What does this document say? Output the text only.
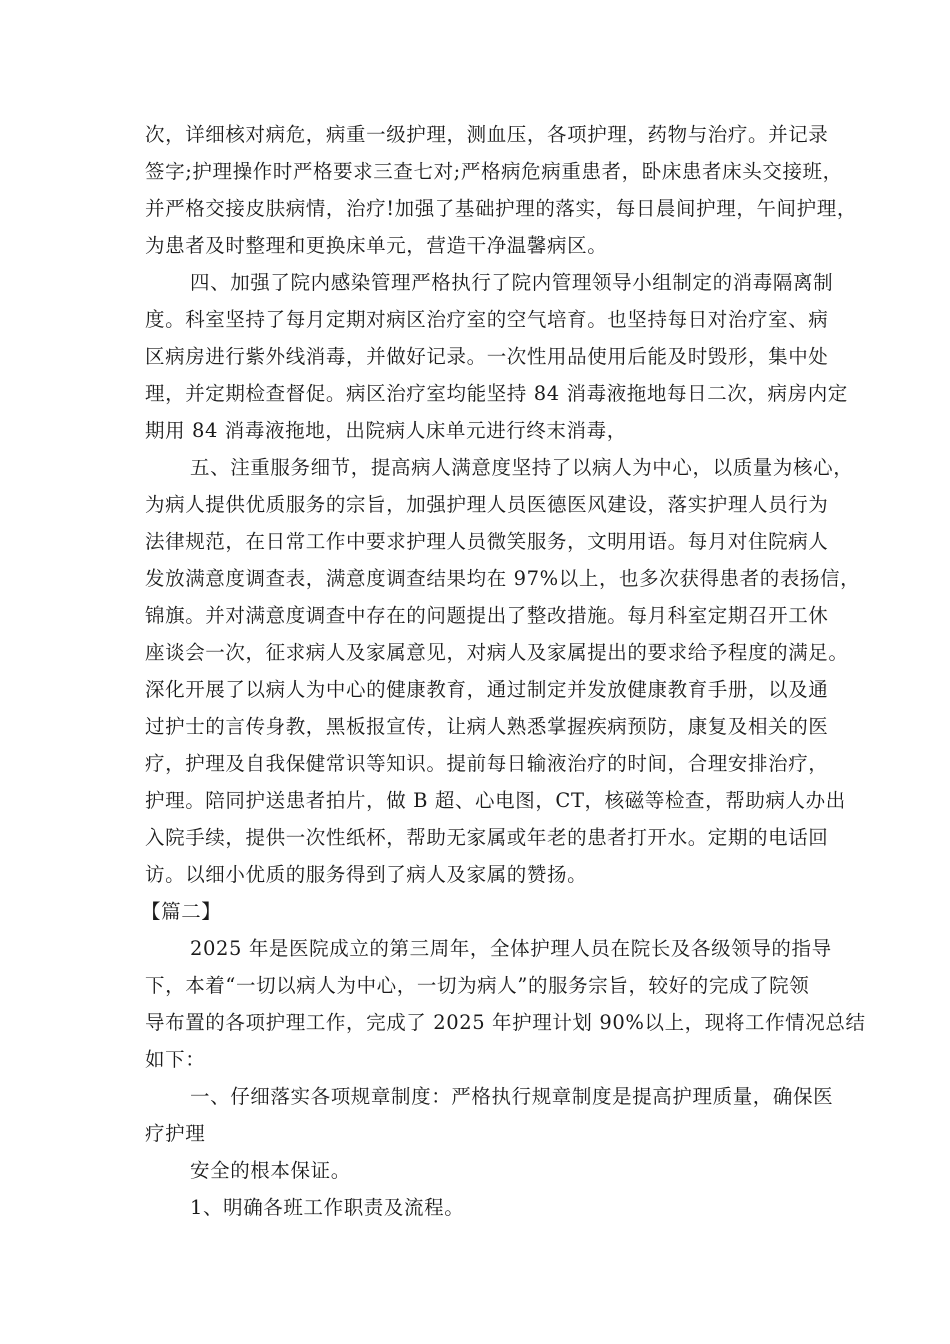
次，详细核对病危，病重一级护理，测血压，各项护理，药物与治疗。并记录
签字;护理操作时严格要求三查七对;严格病危病重患者，卧床患者床头交接班，
并严格交接皮肤病情，治疗!加强了基础护理的落实，每日晨间护理，午间护理，
为患者及时整理和更换床单元，营造干净温馨病区。
四、加强了院内感染管理严格执行了院内管理领导小组制定的消毒隔离制
度。科室坚持了每月定期对病区治疗室的空气培育。也坚持每日对治疗室、病
区病房进行紫外线消毒，并做好记录。一次性用品使用后能及时毁形，集中处
理，并定期检查督促。病区治疗室均能坚持 84 消毒液拖地每日二次，病房内定
期用 84 消毒液拖地，出院病人床单元进行终末消毒，
五、注重服务细节，提高病人满意度坚持了以病人为中心，以质量为核心，
为病人提供优质服务的宗旨，加强护理人员医德医风建设，落实护理人员行为
法律规范，在日常工作中要求护理人员微笑服务，文明用语。每月对住院病人
发放满意度调查表，满意度调查结果均在 97%以上，也多次获得患者的表扬信，
锦旗。并对满意度调查中存在的问题提出了整改措施。每月科室定期召开工休
座谈会一次，征求病人及家属意见，对病人及家属提出的要求给予程度的满足。
深化开展了以病人为中心的健康教育，通过制定并发放健康教育手册，以及通
过护士的言传身教，黑板报宣传，让病人熟悉掌握疾病预防，康复及相关的医
疗，护理及自我保健常识等知识。提前每日输液治疗的时间，合理安排治疗，
护理。陪同护送患者拍片，做 B 超、心电图，CT，核磁等检查，帮助病人办出
入院手续，提供一次性纸杯，帮助无家属或年老的患者打开水。定期的电话回
访。以细小优质的服务得到了病人及家属的赞扬。
【篇二】
2025 年是医院成立的第三周年，全体护理人员在院长及各级领导的指导
下，本着“一切以病人为中心，一切为病人”的服务宗旨，较好的完成了院领
导布置的各项护理工作，完成了 2025 年护理计划 90%以上，现将工作情况总结
如下：
一、仔细落实各项规章制度：严格执行规章制度是提高护理质量，确保医
疗护理
安全的根本保证。
1、明确各班工作职责及流程。
